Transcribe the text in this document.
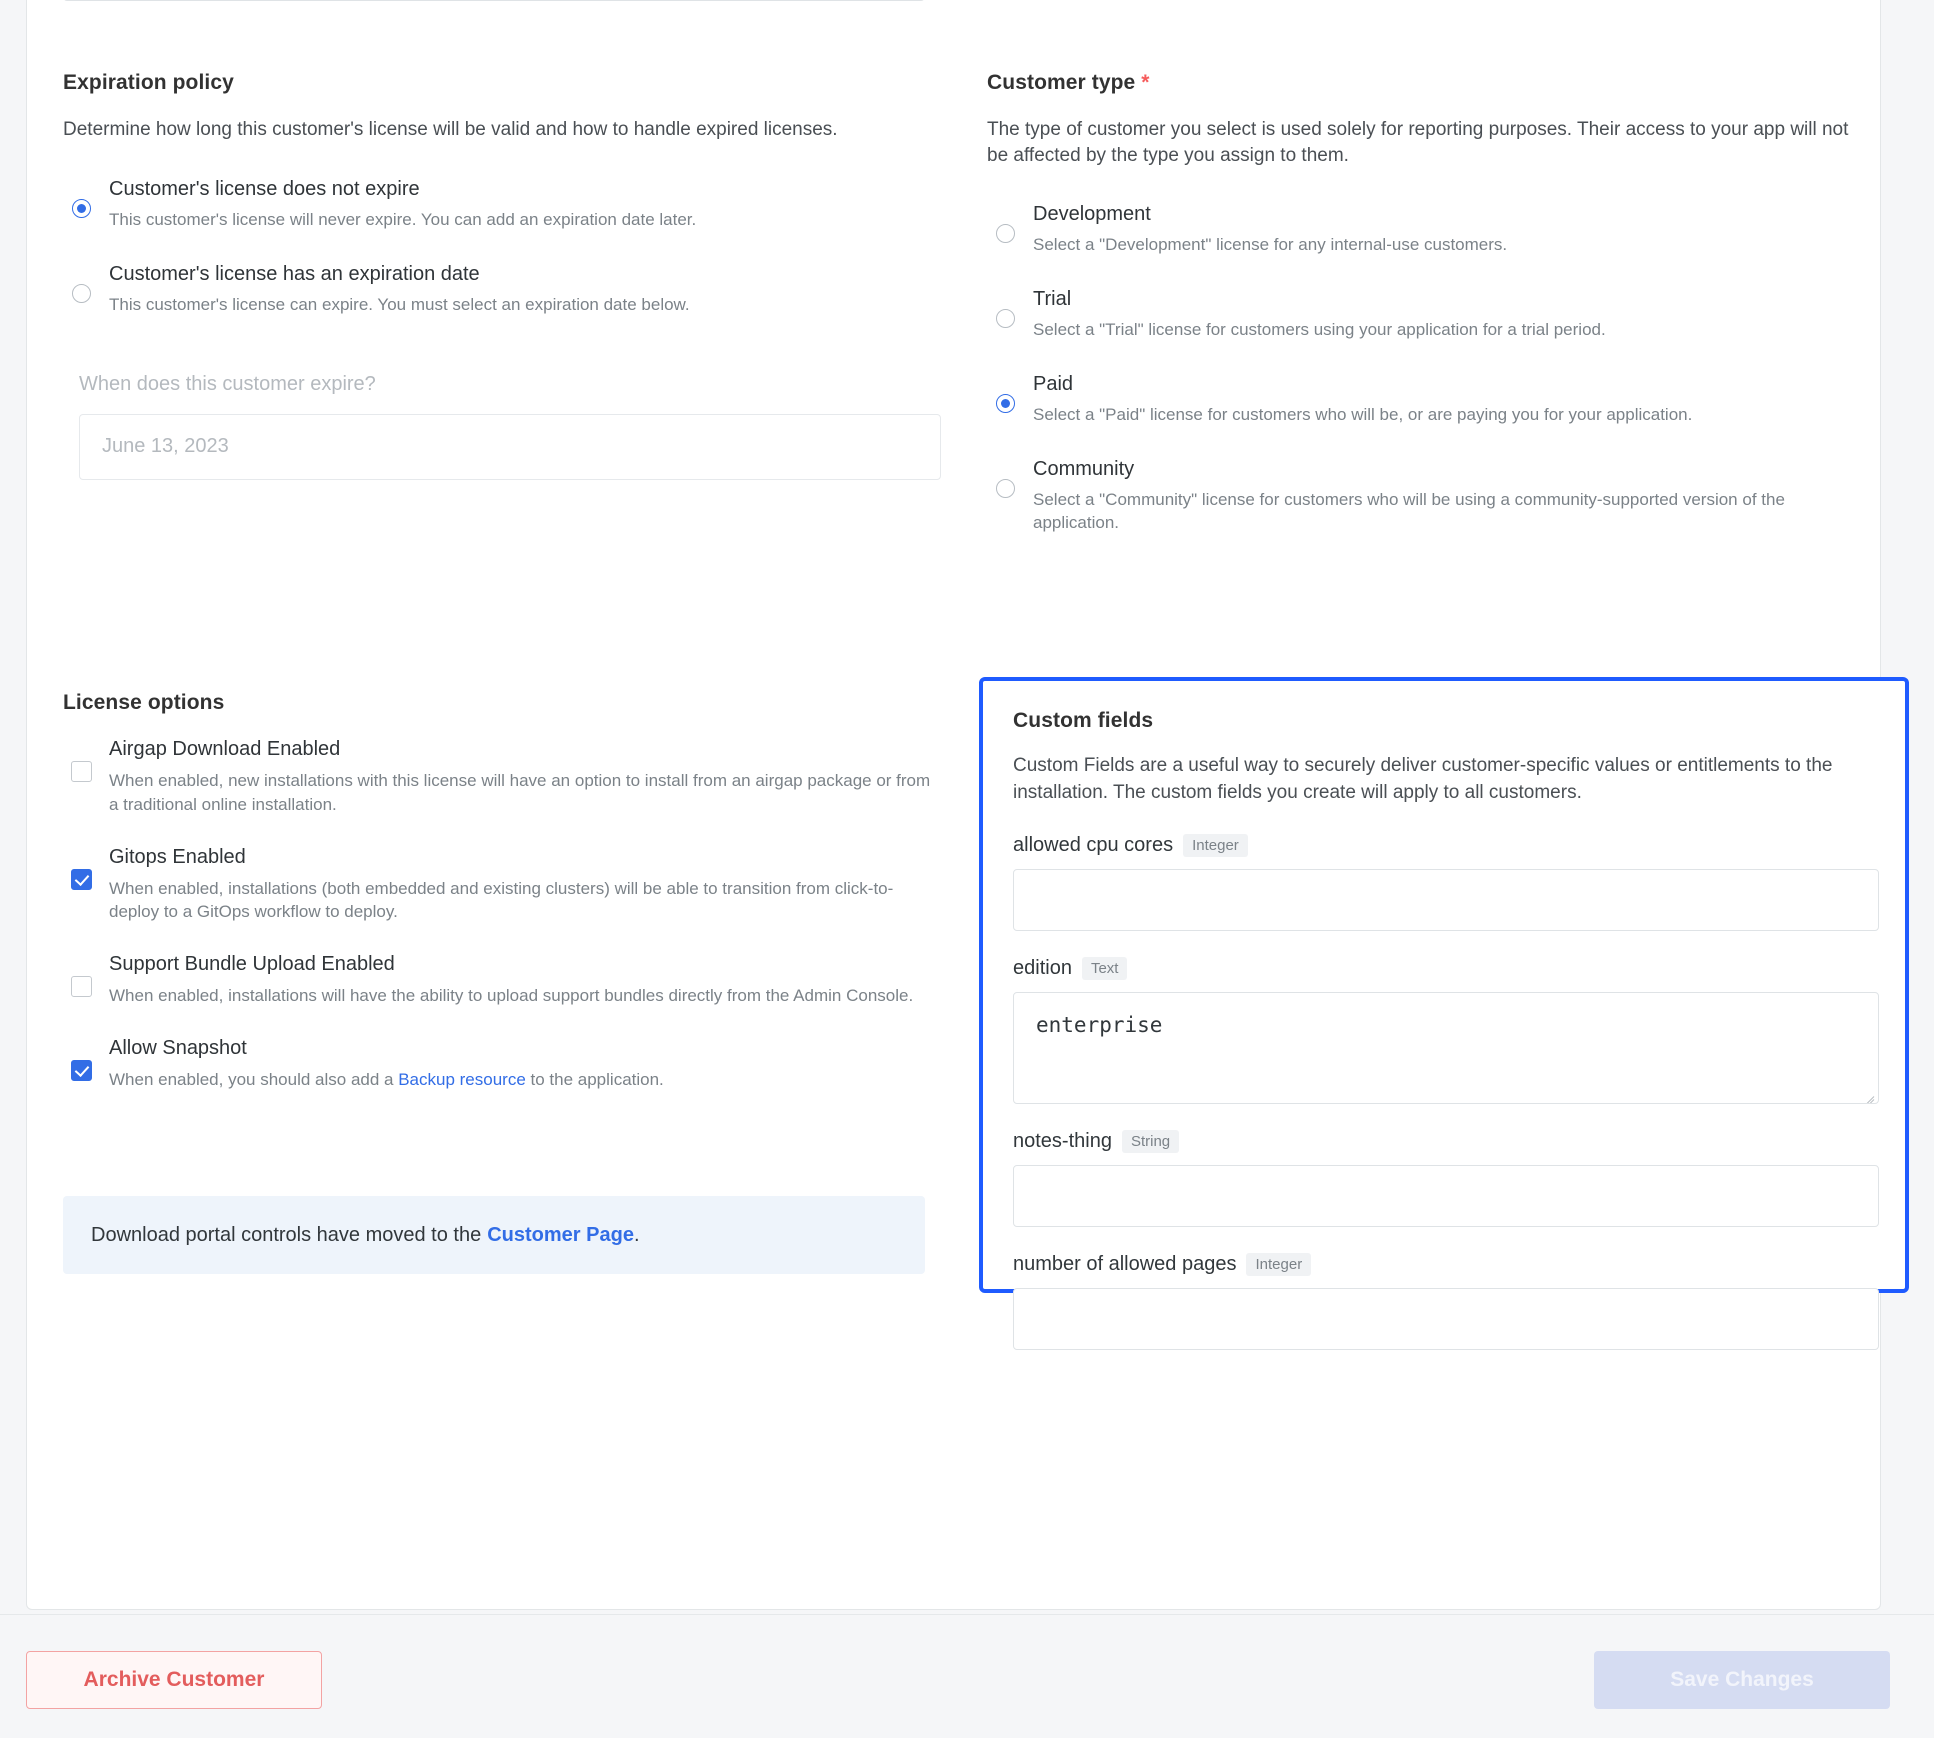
Expiration policy

Determine how long this customer's license will be valid and how to handle expired licenses.

Customer's license does not expire

This customer's license will never expire. You can add an expiration date later.

Customer's license has an expiration date

This customer's license can expire. You must select an expiration date below.

When does this customer expire?
June 13, 2023
License options

Airgap Download Enabled

When enabled, new installations with this license will have an option to install from an airgap package or from a traditional online installation.

Gitops Enabled

When enabled, installations (both embedded and existing clusters) will be able to transition from click-to-deploy to a GitOps workflow to deploy.

Support Bundle Upload Enabled

When enabled, installations will have the ability to upload support bundles directly from the Admin Console.

Allow Snapshot

When enabled, you should also add a Backup resource to the application.

Download portal controls have moved to the Customer Page .
Customer type *

The type of customer you select is used solely for reporting purposes. Their access to your app will not be affected by the type you assign to them.

Development

Select a "Development" license for any internal-use customers.

Trial

Select a "Trial" license for customers using your application for a trial period.

Paid

Select a "Paid" license for customers who will be, or are paying you for your application.

Community

Select a "Community" license for customers who will be using a community-supported version of the application.

Custom fields

Custom Fields are a useful way to securely deliver customer-specific values or entitlements to the installation. The custom fields you create will apply to all customers.

allowed cpu cores	Integer
edition	Text
enterprise
notes-thing	String
number of allowed pages	Integer
Archive Customer	Save Changes
